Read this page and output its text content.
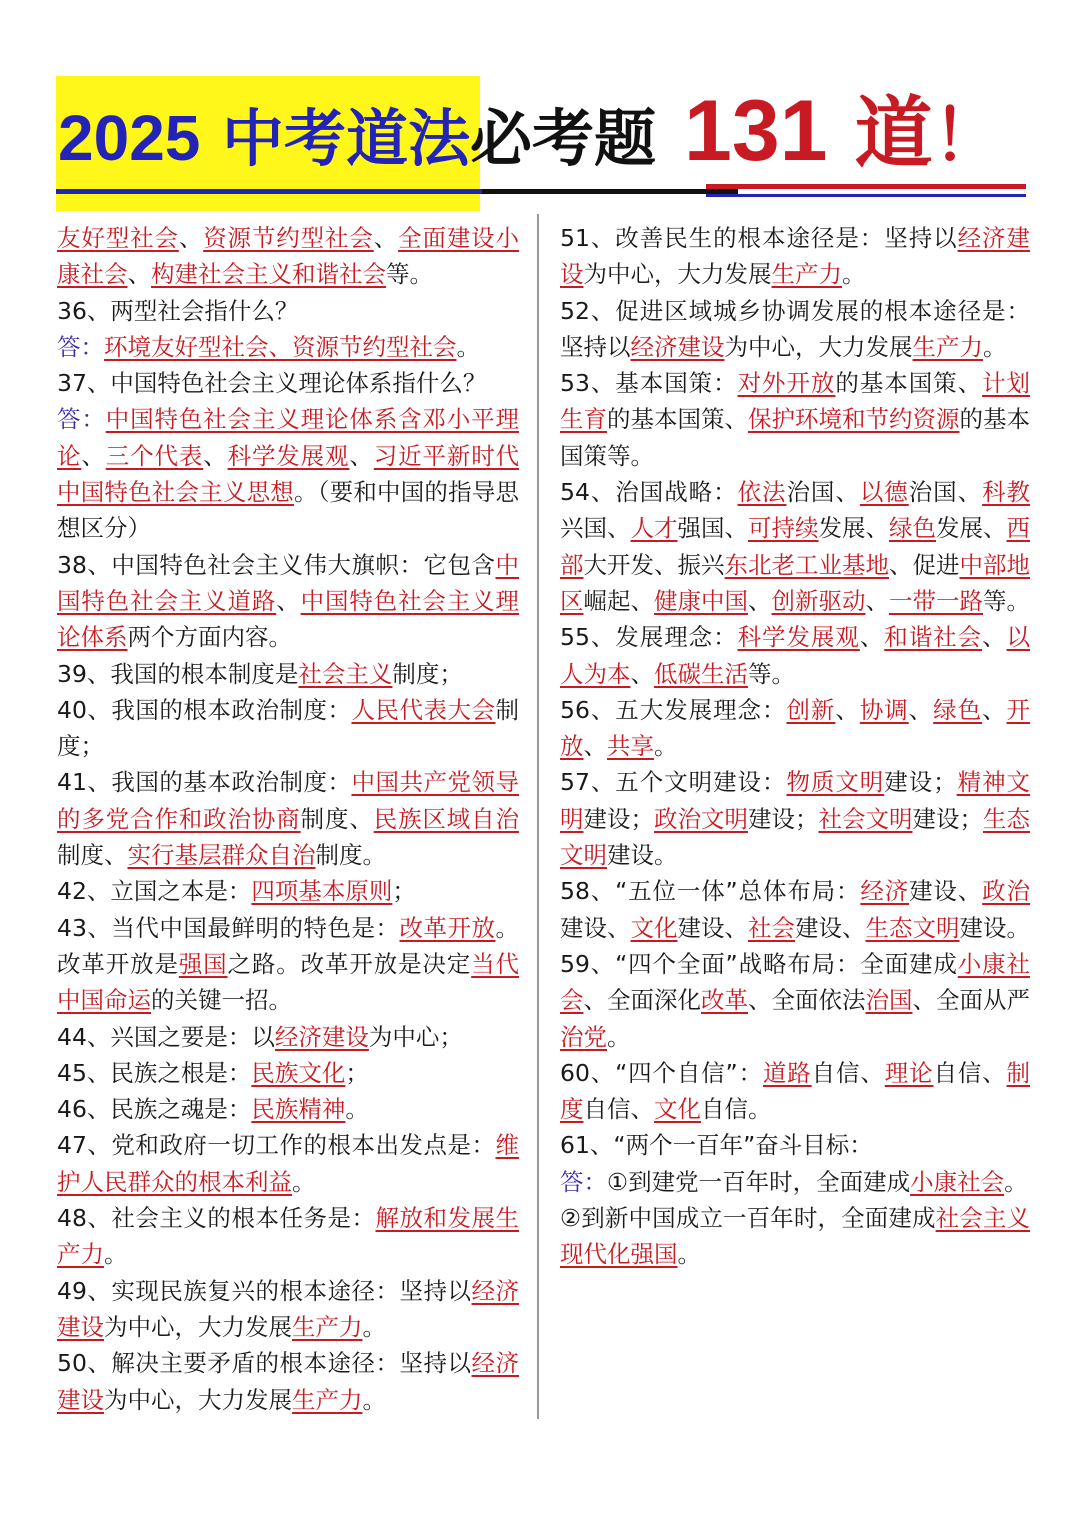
2025 中考道法必考题 131 道！

友好型社会、资源节约型社会、全面建设小康社会、构建社会主义和谐社会等。

36、两型社会指什么？

答：环境友好型社会、资源节约型社会。

37、中国特色社会主义理论体系指什么？

答：中国特色社会主义理论体系含邓小平理论、三个代表、科学发展观、习近平新时代中国特色社会主义思想。（要和中国的指导思想区分）

38、中国特色社会主义伟大旗帜：它包含中国特色社会主义道路、中国特色社会主义理论体系两个方面内容。

39、我国的根本制度是社会主义制度；

40、我国的根本政治制度：人民代表大会制度；

41、我国的基本政治制度：中国共产党领导的多党合作和政治协商制度、民族区域自治制度、实行基层群众自治制度。

42、立国之本是：四项基本原则；

43、当代中国最鲜明的特色是：改革开放。改革开放是强国之路。改革开放是决定当代中国命运的关键一招。

44、兴国之要是：以经济建设为中心；

45、民族之根是：民族文化；

46、民族之魂是：民族精神。

47、党和政府一切工作的根本出发点是：维护人民群众的根本利益。

48、社会主义的根本任务是：解放和发展生产力。

49、实现民族复兴的根本途径：坚持以经济建设为中心，大力发展生产力。

50、解决主要矛盾的根本途径：坚持以经济建设为中心，大力发展生产力。

51、改善民生的根本途径是：坚持以经济建设为中心，大力发展生产力。

52、促进区域城乡协调发展的根本途径是：坚持以经济建设为中心，大力发展生产力。

53、基本国策：对外开放的基本国策、计划生育的基本国策、保护环境和节约资源的基本国策等。

54、治国战略：依法治国、以德治国、科教兴国、人才强国、可持续发展、绿色发展、西部大开发、振兴东北老工业基地、促进中部地区崛起、健康中国、创新驱动、一带一路等。

55、发展理念：科学发展观、和谐社会、以人为本、低碳生活等。

56、五大发展理念：创新、协调、绿色、开放、共享。

57、五个文明建设：物质文明建设；精神文明建设；政治文明建设；社会文明建设；生态文明建设。

58、“五位一体”总体布局：经济建设、政治建设、文化建设、社会建设、生态文明建设。

59、“四个全面”战略布局：全面建成小康社会、全面深化改革、全面依法治国、全面从严治党。

60、“四个自信”：道路自信、理论自信、制度自信、文化自信。

61、“两个一百年”奋斗目标：

答：①到建党一百年时，全面建成小康社会。

②到新中国成立一百年时，全面建成社会主义现代化强国。
